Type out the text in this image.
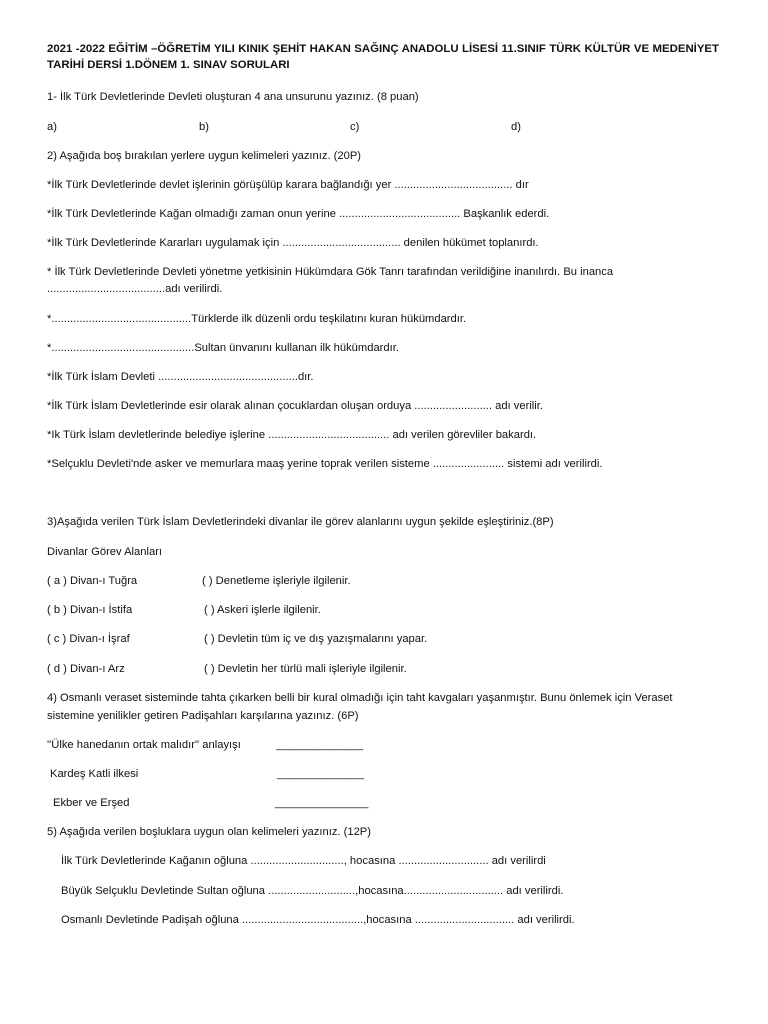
2021 -2022 EĞİTİM –ÖĞRETİM YILI KINIK ŞEHİT HAKAN SAĞINÇ ANADOLU LİSESİ 11.SINIF TÜRK KÜLTÜR VE MEDENİYET
TARİHİ DERSİ 1.DÖNEM 1. SINAV SORULARI
1- İlk Türk Devletlerinde Devleti oluşturan 4 ana unsurunu yazınız. (8 puan)
a)	b)	c)	d)
2) Aşağıda boş bırakılan yerlere uygun kelimeleri yazınız. (20P)
*İlk Türk Devletlerinde devlet işlerinin görüşülüp karara bağlandığı yer ...................................... dır
*İlk Türk Devletlerinde Kağan olmadığı zaman onun yerine ....................................... Başkanlık ederdi.
*İlk Türk Devletlerinde Kararları uygulamak için ...................................... denilen hükümet toplanırdı.
* İlk Türk Devletlerinde Devleti yönetme yetkisinin Hükümdara Gök Tanrı tarafından verildiğine inanılırdı. Bu inanca
......................................adı verilirdi.
*.............................................Türklerde ilk düzenli ordu teşkilatını kuran hükümdardır.
*..............................................Sultan ünvanını kullanan ilk hükümdardır.
*İlk Türk İslam Devleti .............................................dır.
*İlk Türk İslam Devletlerinde esir olarak alınan çocuklardan oluşan orduya ......................... adı verilir.
*Ik Türk İslam devletlerinde belediye işlerine ....................................... adı verilen görevliler bakardı.
*Selçuklu Devleti'nde asker ve memurlara maaş yerine toprak verilen sisteme ....................... sistemi adı verilirdi.
3)Aşağıda verilen Türk İslam Devletlerindeki divanlar ile görev alanlarını uygun şekilde eşleştiriniz.(8P)
Divanlar Görev Alanları
( a ) Divan-ı Tuğra	( ) Denetleme işleriyle ilgilenir.
( b ) Divan-ı İstifa	( ) Askeri işlerle ilgilenir.
( c ) Divan-ı İşraf	( ) Devletin tüm iç ve dış yazışmalarını yapar.
( d ) Divan-ı Arz	( ) Devletin her türlü mali işleriyle ilgilenir.
4) Osmanlı veraset sisteminde tahta çıkarken belli bir kural olmadığı için taht kavgaları yaşanmıştır. Bunu önlemek için Veraset
sistemine yenilikler getiren Padişahları karşılarına yazınız. (6P)
''Ülke hanedanın ortak malıdır'' anlayışı	______________
Kardeş Katli ilkesi	______________
Ekber ve Erşed	_______________
5) Aşağıda verilen boşluklara uygun olan kelimeleri yazınız. (12P)
İlk Türk Devletlerinde Kağanın oğluna .............................., hocasına ............................. adı verilirdi
Büyük Selçuklu Devletinde Sultan oğluna ............................,hocasına................................ adı verilirdi.
Osmanlı Devletinde Padişah oğluna .......................................,hocasına ................................ adı verilirdi.
